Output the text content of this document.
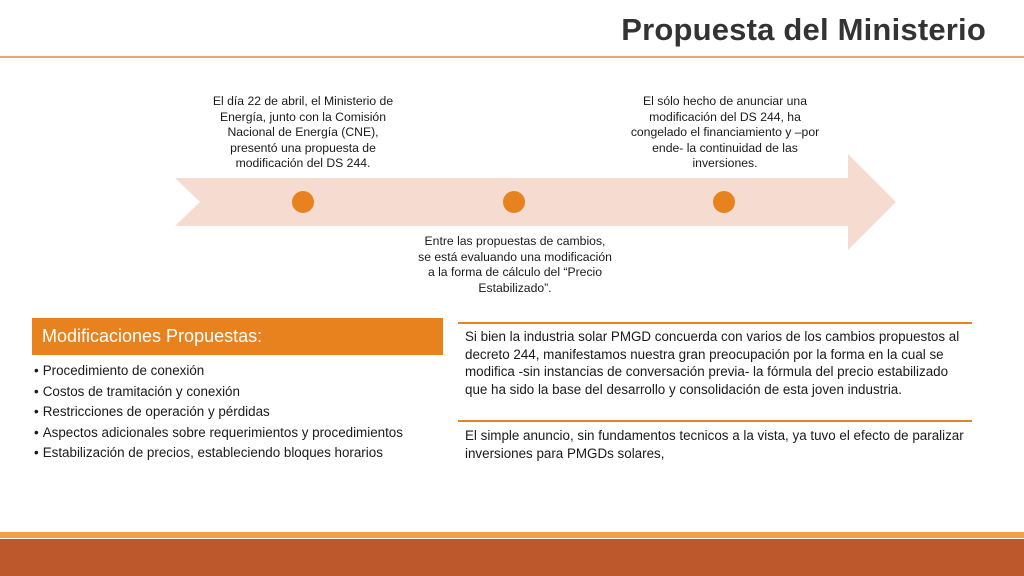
Propuesta del Ministerio
El día 22 de abril, el Ministerio de Energía, junto con la Comisión Nacional de Energía (CNE), presentó una propuesta de modificación del DS 244.
Entre las propuestas de cambios, se está evaluando una modificación a la forma de cálculo del “Precio Estabilizado”.
El sólo hecho de anunciar una modificación del DS 244, ha congelado el financiamiento y –por ende- la continuidad de las inversiones.
Modificaciones Propuestas:
• Procedimiento de conexión
• Costos de tramitación y conexión
• Restricciones de operación y pérdidas
• Aspectos adicionales sobre requerimientos y procedimientos
• Estabilización de precios, estableciendo bloques horarios
Si bien la industria solar PMGD concuerda con varios de los cambios propuestos al decreto 244, manifestamos nuestra gran preocupación por la forma en la cual se modifica -sin instancias de conversación previa- la fórmula del precio estabilizado que ha sido la base del desarrollo y consolidación de esta joven industria.
El simple anuncio, sin fundamentos tecnicos a la vista, ya tuvo el efecto de paralizar inversiones para PMGDs solares,
